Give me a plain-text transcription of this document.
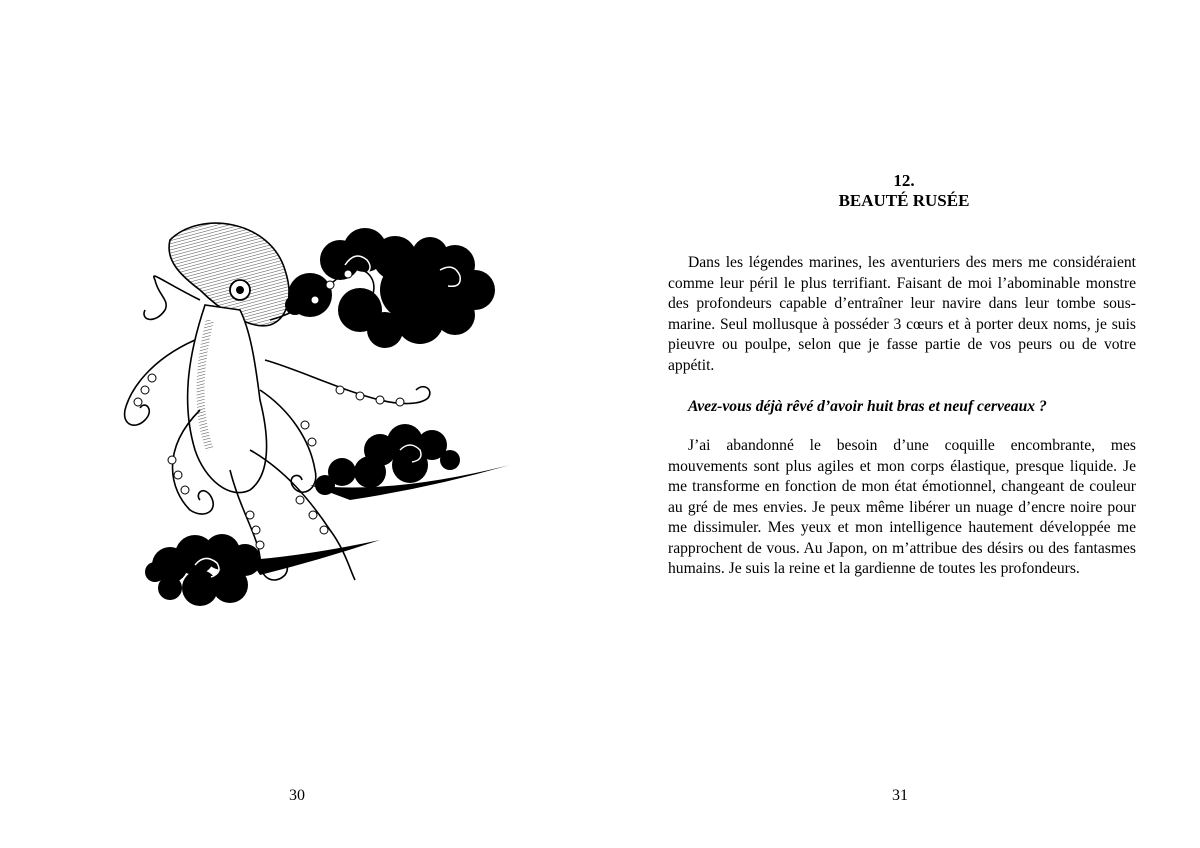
30

12.
BEAUTÉ RUSÉE

Dans les légendes marines, les aventuriers des mers me considéraient comme leur péril le plus terrifiant. Faisant de moi l’abominable monstre des profondeurs capable d’entraîner leur navire dans leur tombe sous-marine. Seul mollusque à posséder 3 cœurs et à porter deux noms, je suis pieuvre ou poulpe, selon que je fasse partie de vos peurs ou de votre appétit.

Avez-vous déjà rêvé d’avoir huit bras et neuf cerveaux ?

J’ai abandonné le besoin d’une coquille encombrante, mes mouvements sont plus agiles et mon corps élastique, presque liquide. Je me transforme en fonction de mon état émotionnel, changeant de couleur au gré de mes envies. Je peux même libérer un nuage d’encre noire pour me dissimuler. Mes yeux et mon intelligence hautement développée me rapprochent de vous. Au Japon, on m’attribue des désirs ou des fantasmes humains. Je suis la reine et la gardienne de toutes les profondeurs.

31
